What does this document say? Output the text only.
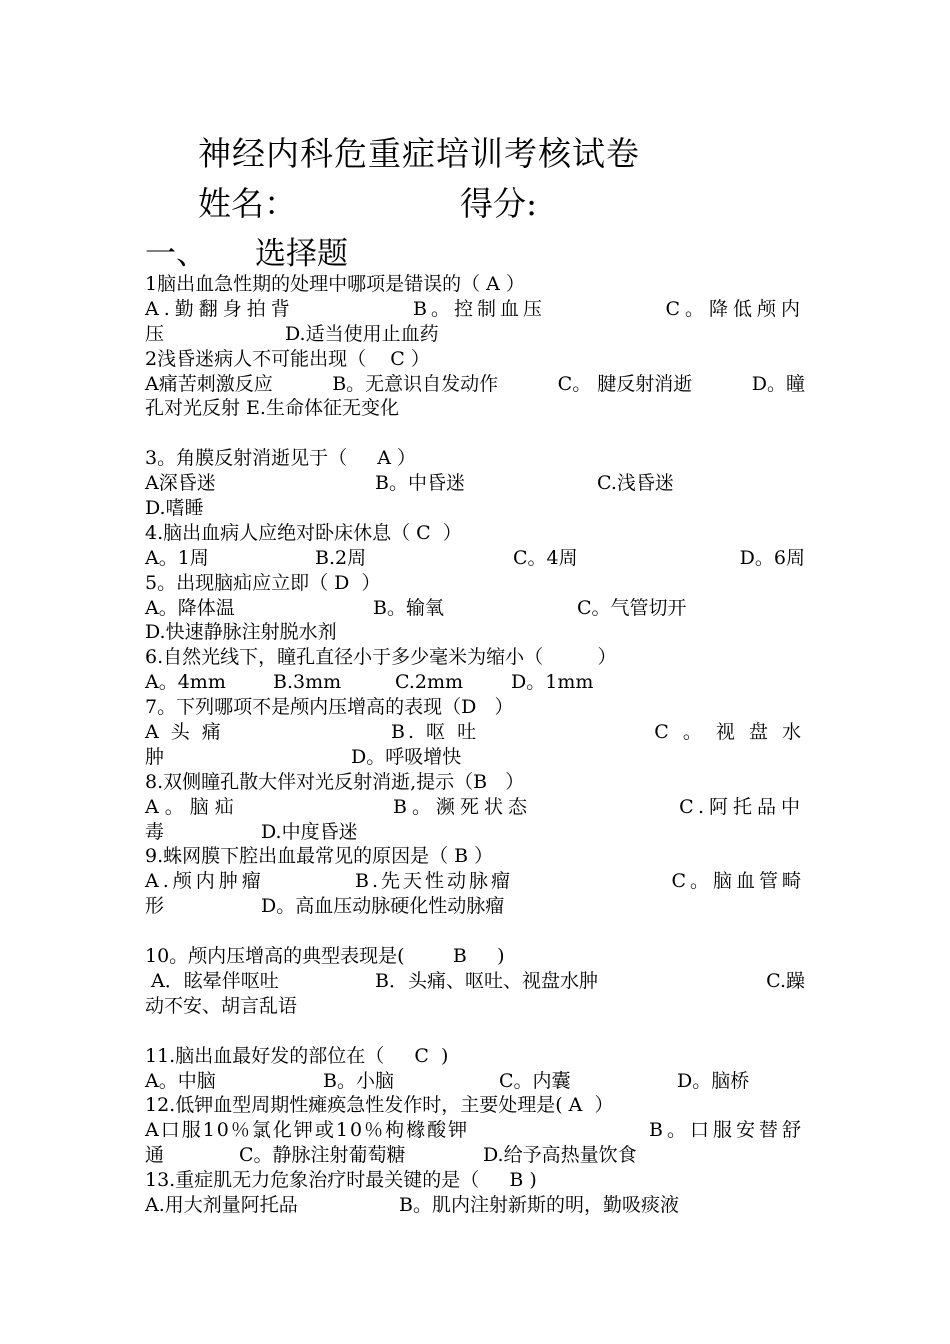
神经内科危重症培训考核试卷
姓名：	得分:
一、 选择题
1脑出血急性期的处理中哪项是错误的（ A ）
A.勤翻身拍背	B。控制血压	C。降低颅内
压	D.适当使用止血药
2浅昏迷病人不可能出现（    C ）
A痛苦刺激反应	B。无意识自发动作	C。 腱反射消逝	D。瞳
孔对光反射 E.生命体征无变化
3。角膜反射消逝见于（     A ）
A深昏迷	B。中昏迷	C.浅昏迷
D.嗜睡
4.脑出血病人应绝对卧床休息（ C  ）
A。1周	B.2周	C。4周	D。6周
5。出现脑疝应立即（ D  ）
A。降体温	B。输氧	C。气管切开
D.快速静脉注射脱水剂
6.自然光线下，瞳孔直径小于多少毫米为缩小（         ）
A。4mm B.3mm	C.2mm	D。1mm
7。下列哪项不是颅内压增高的表现（D   ）
A 头 痛	B. 呕 吐	C 。 视 盘 水
肿	D。呼吸增快
8.双侧瞳孔散大伴对光反射消逝,提示（B   ）
A。脑疝	B。濒死状态	C.阿托品中
毒	D.中度昏迷
9.蛛网膜下腔出血最常见的原因是（ B ）
A.颅内肿瘤	B.先天性动脉瘤	C。脑血管畸
形	D。高血压动脉硬化性动脉瘤
10。颅内压增高的典型表现是(        B     )
A．眩晕伴呕吐	B．头痛、呕吐、视盘水肿	C.躁
动不安、胡言乱语
11.脑出血最好发的部位在（     C  )
A。中脑	B。小脑	C。内囊	D。脑桥
12.低钾血型周期性瘫痪急性发作时，主要处理是( A  ）
A口服10％氯化钾或10％枸橼酸钾	B。口服安替舒
通	C。静脉注射葡萄糖	D.给予高热量饮食
13.重症肌无力危象治疗时最关键的是（     B )
A.用大剂量阿托品	B。肌内注射新斯的明，勤吸痰液
